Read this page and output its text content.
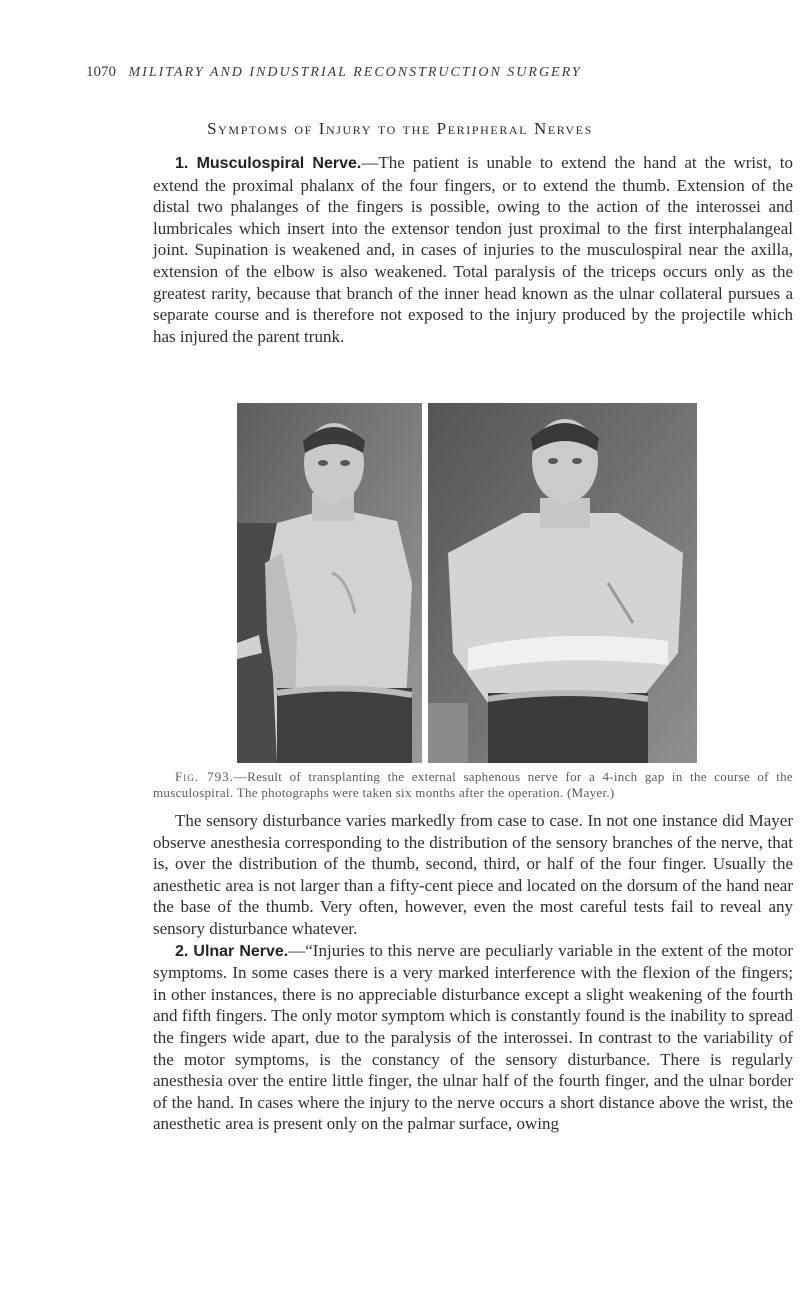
1070 MILITARY AND INDUSTRIAL RECONSTRUCTION SURGERY
Symptoms of Injury to the Peripheral Nerves

1. Musculospiral Nerve.—The patient is unable to extend the hand at the wrist, to extend the proximal phalanx of the four fingers, or to extend the thumb. Extension of the distal two phalanges of the fingers is possible, owing to the action of the interossei and lumbricales which insert into the extensor tendon just proximal to the first interphalangeal joint. Supination is weakened and, in cases of injuries to the musculospiral near the axilla, extension of the elbow is also weakened. Total paralysis of the triceps occurs only as the greatest rarity, because that branch of the inner head known as the ulnar collateral pursues a separate course and is therefore not exposed to the injury produced by the projectile which has injured the parent trunk.

Fig. 793.—Result of transplanting the external saphenous nerve for a 4-inch gap in the course of the musculospiral. The photographs were taken six months after the operation. (Mayer.)

The sensory disturbance varies markedly from case to case. In not one instance did Mayer observe anesthesia corresponding to the distribution of the sensory branches of the nerve, that is, over the distribution of the thumb, second, third, or half of the four finger. Usually the anesthetic area is not larger than a fifty-cent piece and located on the dorsum of the hand near the base of the thumb. Very often, however, even the most careful tests fail to reveal any sensory disturbance whatever.

2. Ulnar Nerve.—“Injuries to this nerve are peculiarly variable in the extent of the motor symptoms. In some cases there is a very marked interference with the flexion of the fingers; in other instances, there is no appreciable disturbance except a slight weakening of the fourth and fifth fingers. The only motor symptom which is constantly found is the inability to spread the fingers wide apart, due to the paralysis of the interossei. In contrast to the variability of the motor symptoms, is the constancy of the sensory disturbance. There is regularly anesthesia over the entire little finger, the ulnar half of the fourth finger, and the ulnar border of the hand. In cases where the injury to the nerve occurs a short distance above the wrist, the anesthetic area is present only on the palmar surface, owing
